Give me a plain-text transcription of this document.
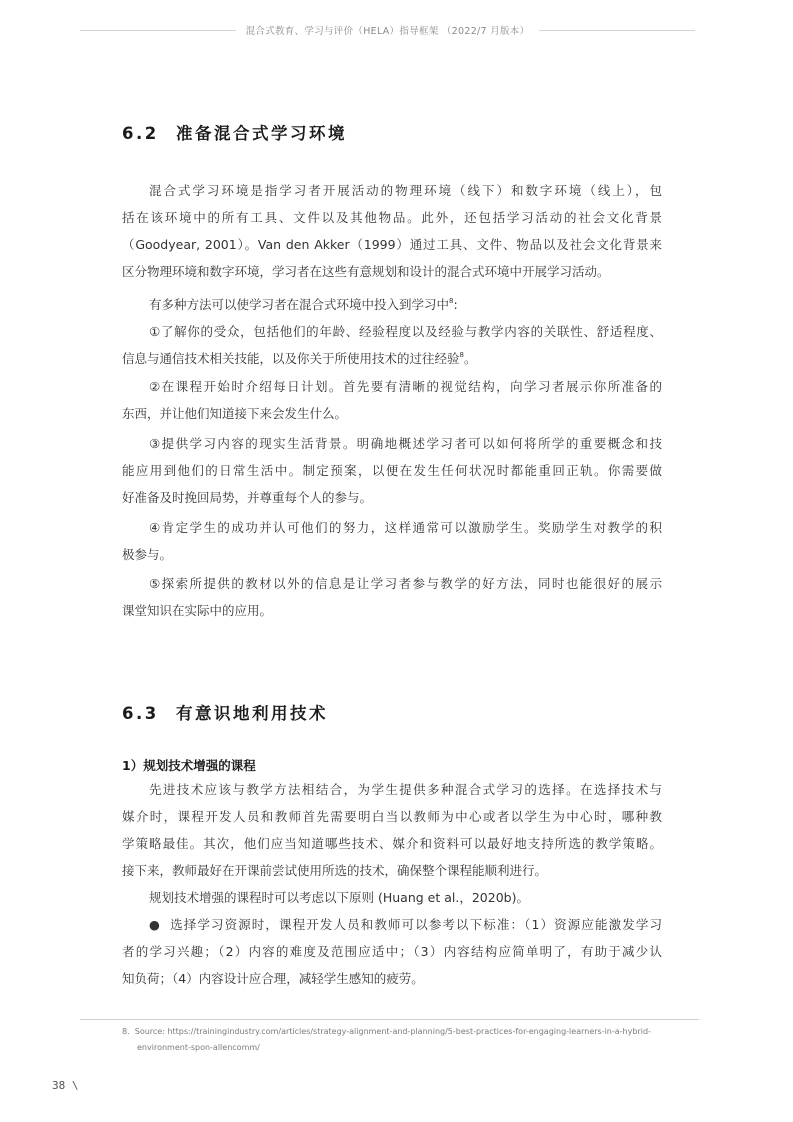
混合式教育、学习与评价（HELA）指导框架 （2022/7 月版本）
6.2	准备混合式学习环境
混合式学习环境是指学习者开展活动的物理环境（线下）和数字环境（线上），包
括在该环境中的所有工具、文件以及其他物品。此外，还包括学习活动的社会文化背景
（Goodyear, 2001）。Van den Akker（1999）通过工具、文件、物品以及社会文化背景来
区分物理环境和数字环境，学习者在这些有意规划和设计的混合式环境中开展学习活动。
有多种方法可以使学习者在混合式环境中投入到学习中$^8$:
①了解你的受众，包括他们的年龄、经验程度以及经验与教学内容的关联性、舒适程度、
信息与通信技术相关技能，以及你关于所使用技术的过往经验$^8$。
②在课程开始时介绍每日计划。首先要有清晰的视觉结构，向学习者展示你所准备的
东西，并让他们知道接下来会发生什么。
③提供学习内容的现实生活背景。明确地概述学习者可以如何将所学的重要概念和技
能应用到他们的日常生活中。制定预案，以便在发生任何状况时都能重回正轨。你需要做
好准备及时挽回局势，并尊重每个人的参与。
④肯定学生的成功并认可他们的努力，这样通常可以激励学生。奖励学生对教学的积
极参与。
⑤探索所提供的教材以外的信息是让学习者参与教学的好方法，同时也能很好的展示
课堂知识在实际中的应用。
6.3	有意识地利用技术
1）规划技术增强的课程
先进技术应该与教学方法相结合，为学生提供多种混合式学习的选择。在选择技术与
媒介时，课程开发人员和教师首先需要明白当以教师为中心或者以学生为中心时，哪种教
学策略最佳。其次，他们应当知道哪些技术、媒介和资料可以最好地支持所选的教学策略。
接下来，教师最好在开课前尝试使用所选的技术，确保整个课程能顺利进行。
规划技术增强的课程时可以考虑以下原则 (Huang et al.，2020b)。
● 选择学习资源时，课程开发人员和教师可以参考以下标准：（1）资源应能激发学习
者的学习兴趣；（2）内容的难度及范围应适中；（3）内容结构应简单明了，有助于减少认
知负荷；（4）内容设计应合理，减轻学生感知的疲劳。
8. Source: https://trainingindustry.com/articles/strategy-alignment-and-planning/5-best-practices-for-engaging-learners-in-a-hybrid-
environment-spon-allencomm/
38 \
